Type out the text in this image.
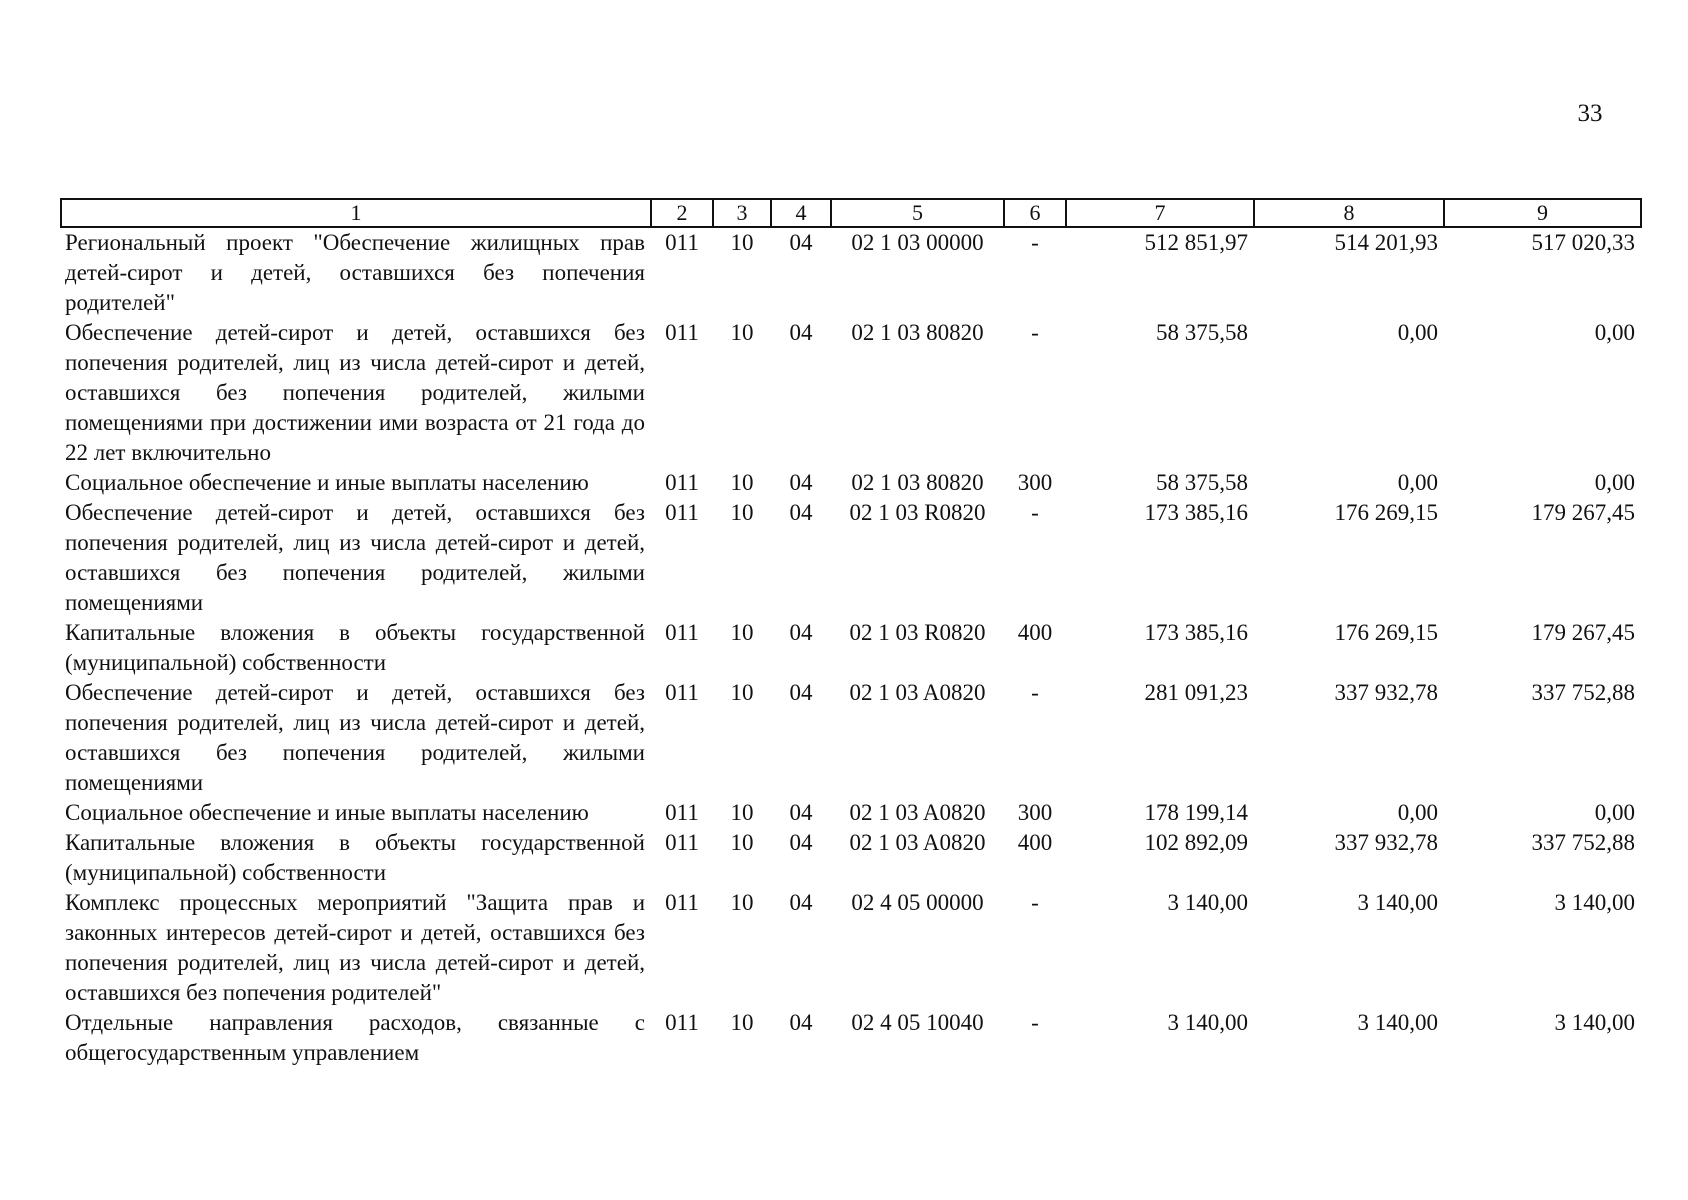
33
1	2	3	4	5	6	7	8	9
Региональный проект "Обеспечение жилищных прав детей-сирот и детей, оставшихся без попечения родителей"	011	10	04	02 1 03 00000	-	512 851,97	514 201,93	517 020,33
Обеспечение детей-сирот и детей, оставшихся без попечения родителей, лиц из числа детей-сирот и детей, оставшихся без попечения родителей, жилыми помещениями при достижении ими возраста от 21 года до 22 лет включительно	011	10	04	02 1 03 80820	-	58 375,58	0,00	0,00
Социальное обеспечение и иные выплаты населению	011	10	04	02 1 03 80820	300	58 375,58	0,00	0,00
Обеспечение детей-сирот и детей, оставшихся без попечения родителей, лиц из числа детей-сирот и детей, оставшихся без попечения родителей, жилыми помещениями	011	10	04	02 1 03 R0820	-	173 385,16	176 269,15	179 267,45
Капитальные вложения в объекты государственной (муниципальной) собственности	011	10	04	02 1 03 R0820	400	173 385,16	176 269,15	179 267,45
Обеспечение детей-сирот и детей, оставшихся без попечения родителей, лиц из числа детей-сирот и детей, оставшихся без попечения родителей, жилыми помещениями	011	10	04	02 1 03 A0820	-	281 091,23	337 932,78	337 752,88
Социальное обеспечение и иные выплаты населению	011	10	04	02 1 03 A0820	300	178 199,14	0,00	0,00
Капитальные вложения в объекты государственной (муниципальной) собственности	011	10	04	02 1 03 A0820	400	102 892,09	337 932,78	337 752,88
Комплекс процессных мероприятий "Защита прав и законных интересов детей-сирот и детей, оставшихся без попечения родителей, лиц из числа детей-сирот и детей, оставшихся без попечения родителей"	011	10	04	02 4 05 00000	-	3 140,00	3 140,00	3 140,00
Отдельные направления расходов, связанные с общегосударственным управлением	011	10	04	02 4 05 10040	-	3 140,00	3 140,00	3 140,00
